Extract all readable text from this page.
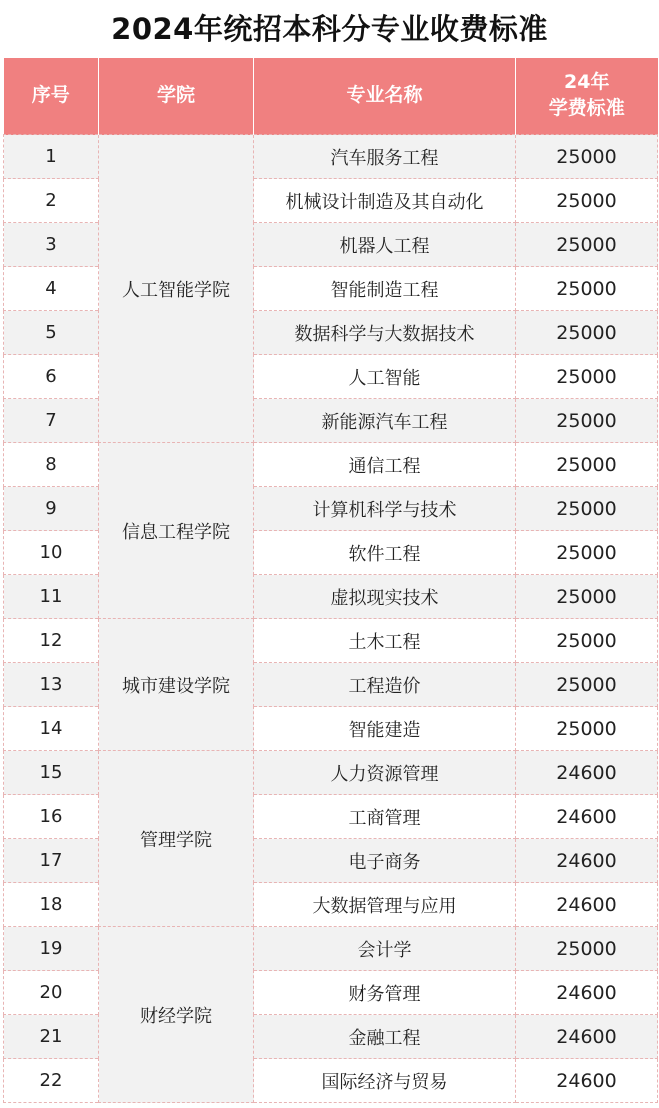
2024年统招本科分专业收费标准
序号	学院	专业名称	24年
学费标准
1	人工智能学院	汽车服务工程	25000
2		机械设计制造及其自动化	25000
3		机器人工程	25000
4		智能制造工程	25000
5		数据科学与大数据技术	25000
6		人工智能	25000
7		新能源汽车工程	25000
8	信息工程学院	通信工程	25000
9		计算机科学与技术	25000
10		软件工程	25000
11		虚拟现实技术	25000
12	城市建设学院	土木工程	25000
13		工程造价	25000
14		智能建造	25000
15	管理学院	人力资源管理	24600
16		工商管理	24600
17		电子商务	24600
18		大数据管理与应用	24600
19	财经学院	会计学	25000
20		财务管理	24600
21		金融工程	24600
22		国际经济与贸易	24600
